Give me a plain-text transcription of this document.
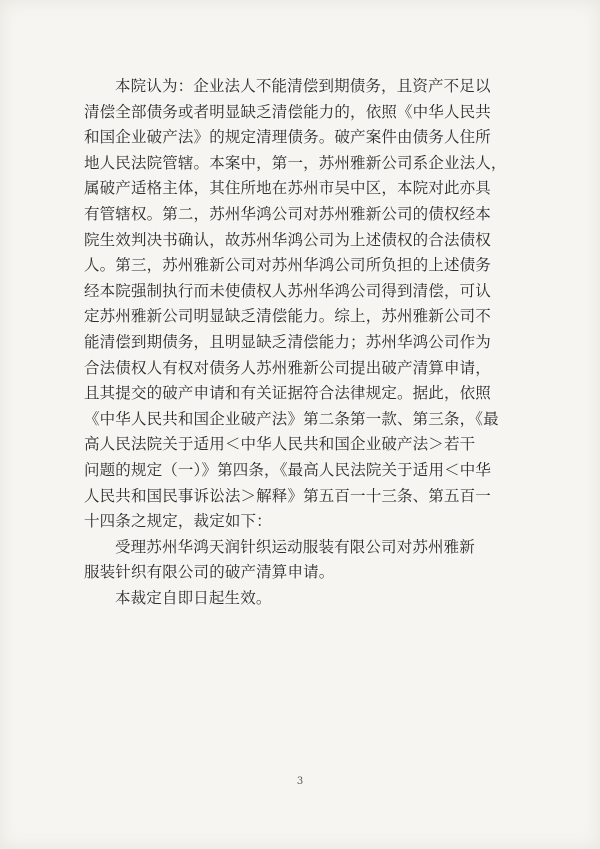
本院认为：企业法人不能清偿到期债务，且资产不足以
清偿全部债务或者明显缺乏清偿能力的，依照《中华人民共
和国企业破产法》的规定清理债务。破产案件由债务人住所
地人民法院管辖。本案中，第一，苏州雅新公司系企业法人，
属破产适格主体，其住所地在苏州市吴中区，本院对此亦具
有管辖权。第二，苏州华鸿公司对苏州雅新公司的债权经本
院生效判决书确认，故苏州华鸿公司为上述债权的合法债权
人。第三，苏州雅新公司对苏州华鸿公司所负担的上述债务
经本院强制执行而未使债权人苏州华鸿公司得到清偿，可认
定苏州雅新公司明显缺乏清偿能力。综上，苏州雅新公司不
能清偿到期债务，且明显缺乏清偿能力；苏州华鸿公司作为
合法债权人有权对债务人苏州雅新公司提出破产清算申请，
且其提交的破产申请和有关证据符合法律规定。据此，依照
《中华人民共和国企业破产法》第二条第一款、第三条，《最
高人民法院关于适用＜中华人民共和国企业破产法＞若干
问题的规定（一）》第四条，《最高人民法院关于适用＜中华
人民共和国民事诉讼法＞解释》第五百一十三条、第五百一
十四条之规定，裁定如下：
受理苏州华鸿天润针织运动服装有限公司对苏州雅新
服装针织有限公司的破产清算申请。
本裁定自即日起生效。
3
